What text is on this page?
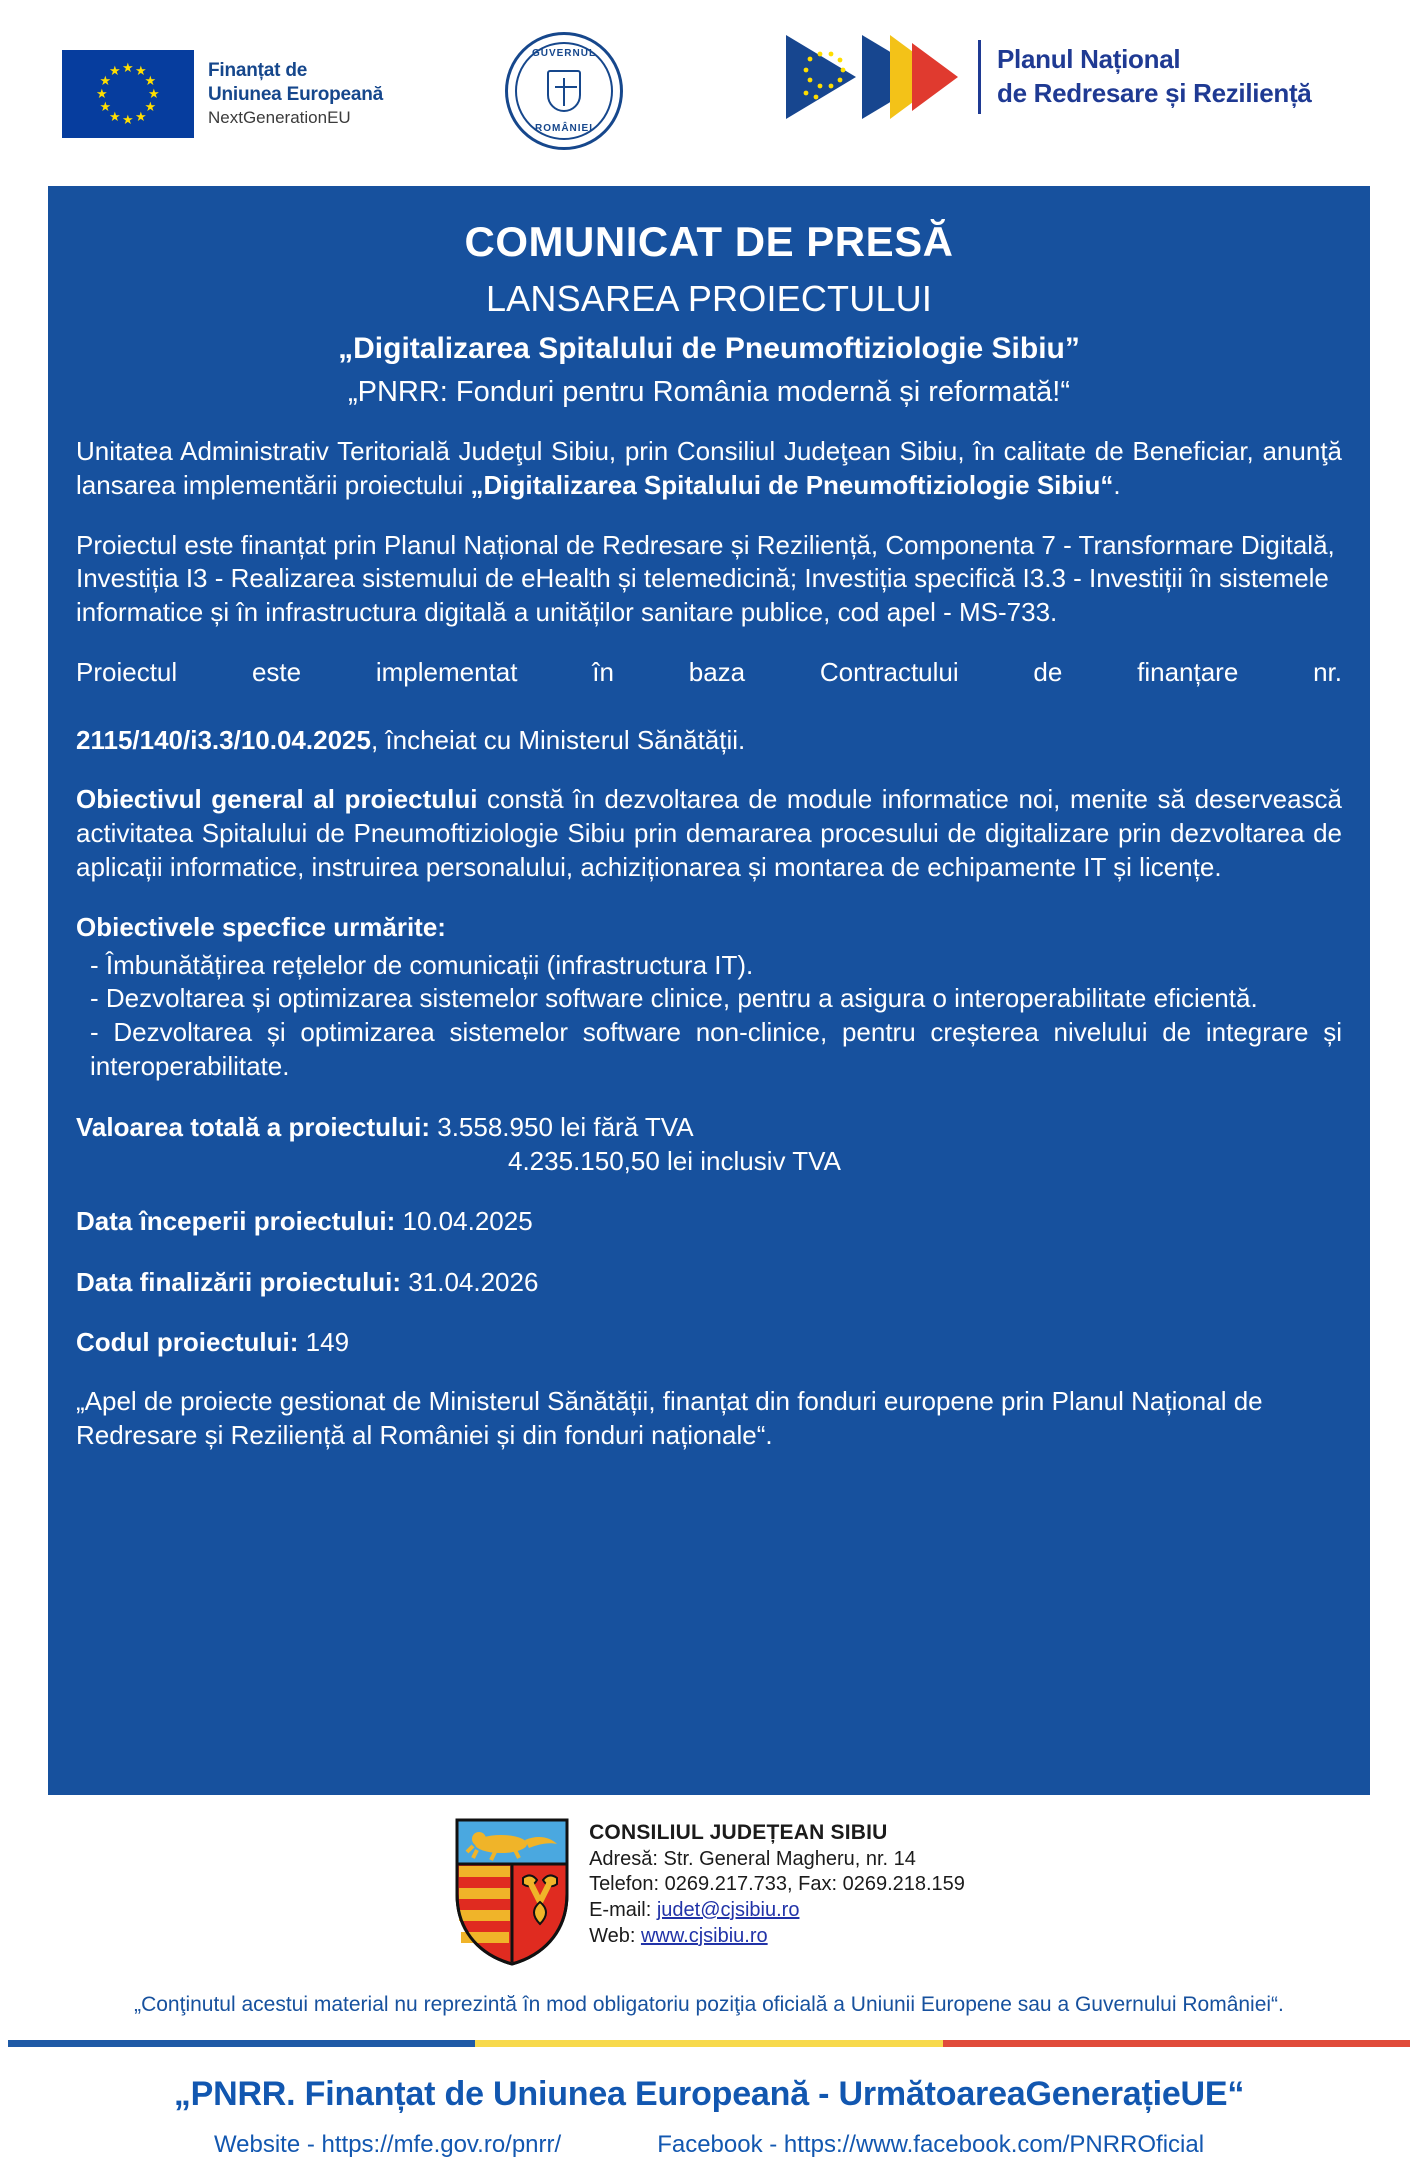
★ ★
★
★
★
★
★
★
★
★
★
★	Finanțat de
Uniunea Europeană
NextGenerationEU
GUVERNUL
ROMÂNIEI
Planul Național
de Redresare și Reziliență
COMUNICAT DE PRESĂ
LANSAREA PROIECTULUI
„Digitalizarea Spitalului de Pneumoftiziologie Sibiu”
„PNRR: Fonduri pentru România modernă și reformată!“
Unitatea Administrativ Teritorială Judeţul Sibiu, prin Consiliul Judeţean Sibiu, în calitate de Beneficiar, anunţă lansarea implementării proiectului „Digitalizarea Spitalului de Pneumoftiziologie Sibiu“.
Proiectul este finanțat prin Planul Național de Redresare și Reziliență, Componenta 7 - Transformare Digitală, Investiția I3 - Realizarea sistemului de eHealth și telemedicină; Investiția specifică I3.3 - Investiții în sistemele informatice și în infrastructura digitală a unităților sanitare publice, cod apel - MS-733.
Proiectul este implementat în baza Contractului de finanțare nr.2115/140/i3.3/10.04.2025, încheiat cu Ministerul Sănătății.
Obiectivul general al proiectului constă în dezvoltarea de module informatice noi, menite să deservească activitatea Spitalului de Pneumoftiziologie Sibiu prin demararea procesului de digitalizare prin dezvoltarea de aplicații informatice, instruirea personalului, achiziționarea și montarea de echipamente IT și licențe.
Obiectivele specfice urmărite:
- Îmbunătățirea rețelelor de comunicații (infrastructura IT).
- Dezvoltarea și optimizarea sistemelor software clinice, pentru a asigura o interoperabilitate eficientă.
- Dezvoltarea și optimizarea sistemelor software non-clinice, pentru creșterea nivelului de integrare și interoperabilitate.
Valoarea totală a proiectului: 3.558.950 lei fără TVA
4.235.150,50 lei inclusiv TVA
Data începerii proiectului: 10.04.2025
Data finalizării proiectului: 31.04.2026
Codul proiectului: 149
„Apel de proiecte gestionat de Ministerul Sănătății, finanțat din fonduri europene prin Planul Național de Redresare și Reziliență al României și din fonduri naționale“.
CONSILIUL JUDEȚEAN SIBIU
Adresă: Str. General Magheru, nr. 14
Telefon: 0269.217.733, Fax: 0269.218.159
E-mail: judet@cjsibiu.ro
Web: www.cjsibiu.ro
„Conţinutul acestui material nu reprezintă în mod obligatoriu poziţia oficială a Uniunii Europene sau a Guvernului României“.
„PNRR. Finanțat de Uniunea Europeană - UrmătoareaGenerațieUE“
Website - https://mfe.gov.ro/pnrr/	Facebook - https://www.facebook.com/PNRROficial
